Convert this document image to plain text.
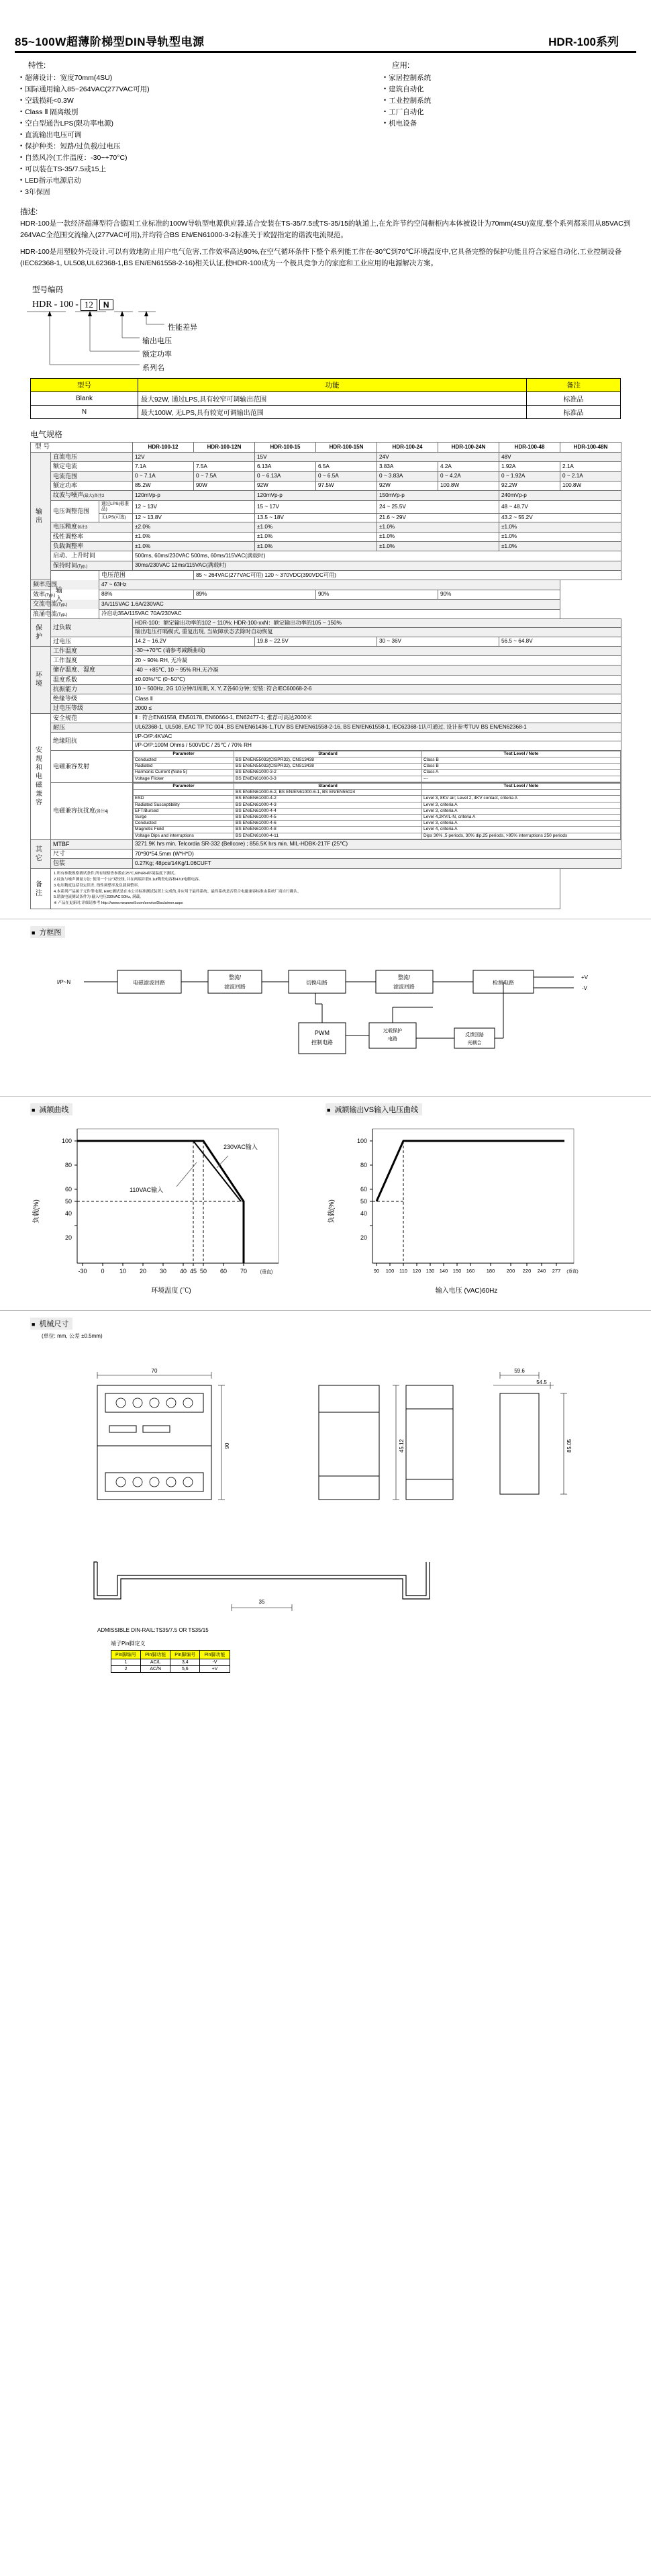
85~100W超薄阶梯型DIN导轨型电源	HDR-100系列
特性:
• 超薄设计：宽度70mm(4SU)
• 国际通用输入85~264VAC(277VAC可用)
• 空载损耗<0.3W
• Class Ⅱ 隔离级别
• 空白型通告LPS(限功率电源)
• 直流输出电压可调
• 保护种类：短路/过负载/过电压
• 自然风冷(工作温度：-30~+70°C)
• 可以装在TS-35/7.5或15上
• LED指示电源启动
• 3年保固
应用:
• 家居控制系统
• 建筑自动化
• 工业控制系统
• 工厂自动化
• 机电设备
描述:

HDR-100是一款经济超薄型符合德国工业标准的100W导轨型电源供应器,适合安装在TS-35/7.5或TS-35/15的轨道上,在允许节约空间橱柜内本体被设计为70mm(4SU)宽度,整个系列都采用从85VAC到264VAC全范围交流输入(277VAC可用),并均符合BS EN/EN61000-3-2标准关于欧盟指定的谐波电流规范。

HDR-100是用塑胶外壳设计,可以有效地防止用户电气危害,工作效率高达90%,在空气循环条件下整个系列能工作在-30℃到70℃环境温度中,它具备完整的保护功能且符合家庭自动化,工业控制设备(IEC62368-1, UL508,UL62368-1,BS EN/EN61558-2-16)相关认证,使HDR-100成为一个极具竞争力的家庭和工业应用的电源解决方案。

型号编码
HDR - 100 - 12	N
性能差异
输出电压
额定功率
系列名
型号	功能	备注
Blank	最大92W, 通过LPS,具有较窄可调输出范围	标准品
N	最大100W, 无LPS,具有较宽可调输出范围	标准品
电气规格
型号	HDR-100-12	HDR-100-12N	HDR-100-15	HDR-100-15N	HDR-100-24	HDR-100-24N	HDR-100-48	HDR-100-48N

输出
	直流电压	12V	15V	24V	48V
额定电流	7.1A	7.5A	6.13A	6.5A	3.83A	4.2A	1.92A	2.1A
电流范围	0 ~ 7.1A	0 ~ 7.5A	0 ~ 6.13A	0 ~ 6.5A	0 ~ 3.83A	0 ~ 4.2A	0 ~ 1.92A	0 ~ 2.1A
额定功率	85.2W	90W	92W	97.5W	92W	100.8W	92.2W	100.8W
纹波与噪声(最大)备注2	120mVp-p	120mVp-p	150mVp-p	240mVp-p
电压调整范围	通过LPS(标准品)	12 ~ 13V	15 ~ 17V	24 ~ 25.5V	48 ~ 48.7V
无LPS(可选)	12 ~ 13.8V	13.5 ~ 18V	21.6 ~ 29V	43.2 ~ 55.2V
电压精度备注3	±2.0%	±1.0%	±1.0%	±1.0%
线性调整率	±1.0%	±1.0%	±1.0%	±1.0%
负载调整率	±1.0%	±1.0%	±1.0%	±1.0%
启动、上升时间	500ms, 60ms/230VAC 500ms, 60ms/115VAC(满载时)
保持时间(Typ.)	30ms/230VAC 12ms/115VAC(满载时)

输入
	电压范围	85 ~ 264VAC(277VAC可用) 120 ~ 370VDC(390VDC可用)
频率范围	47 ~ 63Hz
效率(Typ.)	88%	89%	90%	90%
交流电流(Typ.)	3A/115VAC 1.6A/230VAC
浪涌电流(Typ.)	冷启动35A/115VAC 70A/230VAC

保护	过负载	HDR-100：额定输出功率的102 ~ 110%; HDR-100-xxN：额定输出功率的105 ~ 150%
输出电压打嗝模式, 重复出现, 当故障状态去除时自动恢复
过电压	14.2 ~ 16.2V	19.8 ~ 22.5V	30 ~ 36V	56.5 ~ 64.8V

环境
	工作温度	-30~+70℃ (请参考减额曲线)
工作湿度	20 ~ 90% RH, 无冷凝
储存温度、湿度	-40 ~ +85℃, 10 ~ 95% RH,无冷凝
温度系数	±0.03%/℃ (0~50℃)
抗振能力	10 ~ 500Hz, 2G 10分钟/1周期, X, Y, Z各60分钟; 安装: 符合IEC60068-2-6
绝缘等级	Class Ⅱ
过电压等级	2000 ≤

安规和电磁兼容
	安全规范	Ⅱ : 符合EN61558, EN50178, EN60664-1, EN62477-1; 推荐可高达2000米
耐压	UL62368-1, UL508, EAC TP TC 004 ,BS EN/EN61436-1,TUV BS EN/EN61558-2-16, BS EN/EN61558-1, IEC62368-1认可通过, 设计参考TUV BS EN/EN62368-1
绝缘阻抗	I/P-O/P:4KVAC
I/P-O/P:100M Ohms / 500VDC / 25℃ / 70% RH
电磁兼容发射	
Parameter	Standard	Test Level / Note
Conducted	BS EN/EN55032(CISPR32), CNS13438	Class B
Radiated	BS EN/EN55032(CISPR32), CNS13438	Class B
Harmonic Current (Note 5)	BS EN/EN61000-3-2	Class A
Voltage Flicker	BS EN/EN61000-3-3	---

电磁兼容抗扰度(备注4)	
Parameter	Standard	Test Level / Note
	BS EN/EN61000-6-2, BS EN/EN61000-6-1, BS EN/EN55024	
ESD	BS EN/EN61000-4-2	Level 3, 8KV air; Level 2, 4KV contact, criteria A
Radiated Susceptibility	BS EN/EN61000-4-3	Level 3, criteria A
EFT/Bursed	BS EN/EN61000-4-4	Level 3, criteria A
Surge	BS EN/EN61000-4-5	Level 4,2KV/L-N, criteria A
Conducted	BS EN/EN61000-4-6	Level 3, criteria A
Magnetic Field	BS EN/EN61000-4-8	Level 4, criteria A
Voltage Dips and interruptions	BS EN/EN61000-4-11	Dips 30% ,5 periods, 30% dip,25 periods, >95% interruptions 250 periods

其它
	MTBF	3271.9K hrs min. Telcordia SR-332 (Bellcore) ; 856.5K hrs min. MIL-HDBK-217F (25℃)
尺寸	70*90*54.5mm (W*H*D)
包装	0.27Kg; 48pcs/14Kg/1.06CUFT

备注

1.所有参数规格测试条件,所有规格皆参数在25℃,60%RH环境温度下测试。
2.纹波与噪声测量方法: 使用一个12"双绞线, 并在两端并联0.1uf陶瓷电容和47uf电解电容。
3.电压精度包括设定误差, 线性调整率及负载调整率。
4.本系列产品属于元件型电源, EMC测试是在本公司标准测试装置上完成的,并应用于最终系统。最终系统是否符合电磁兼容标准由系统厂商自行确认。
5.谐波电流测试条件为:输入电压230VAC 50Hz, 满载。
※ 产品在更新时,详细请参考 http://www.meanwell.com/serviceDisclaimer.aspx
■ 方框图
I/P~N	电磁滤波回路
整流/
滤波回路
切换电路
整流/
滤波回路
检测电路
PWM
控制电路
过载保护
电路
反馈回路
光耦合
+V
-V
■ 减额曲线	■ 减额输出VS输入电压曲线
100
80
60
50
40
20
-30 0 10 20 30 40 45 50 60 70	(垂直)
230VAC输入
110VAC输入
负载(%)
环境温度 (℃)
100
80
60
50
40
20
90 100 110 120 130 140 150 160 180 200 220 240 277 (垂直)
负载(%)
输入电压 (VAC)60Hz
■ 机械尺寸
(单位: mm, 公差 ±0.5mm)
70	59.6
54.5
90	85.05
45.12

35
ADMISSIBLE DIN-RAIL:TS35/7.5 OR TS35/15
端子Pin脚定义
Pin脚编号	Pin脚功能	Pin脚编号	Pin脚功能
1	AC/L	3,4	-V
2	AC/N	5,6	+V
